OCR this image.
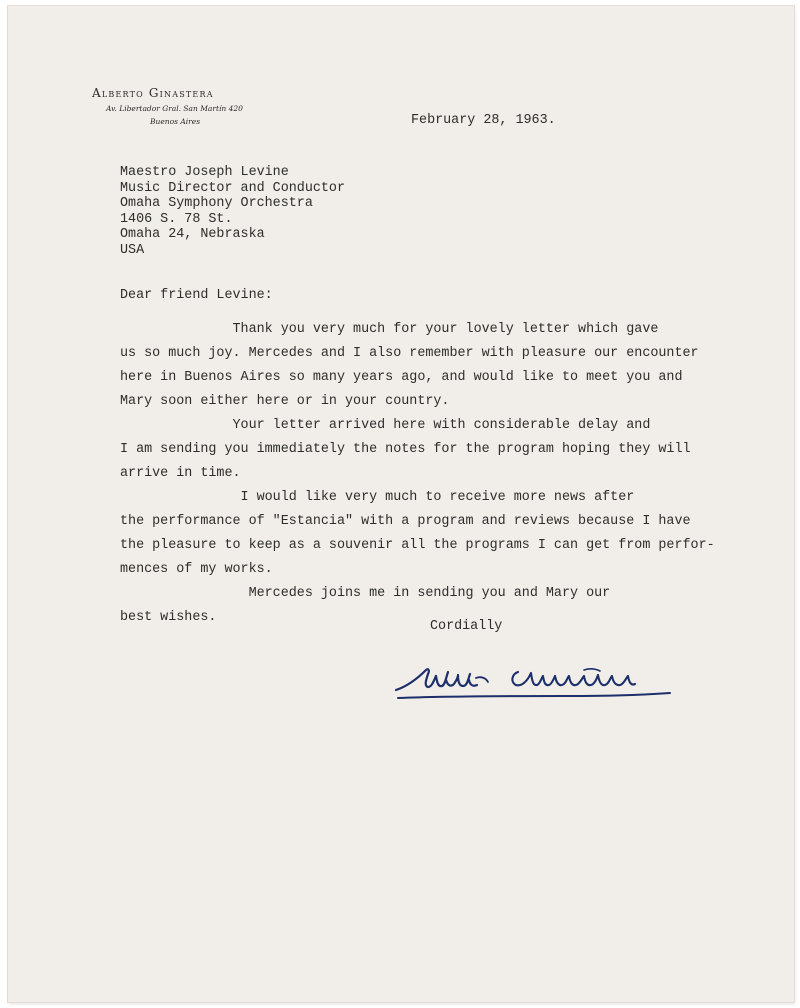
Alberto Ginastera
Av. Libertador Gral. San Martín 420
Buenos Aires	February 28, 1963.
Maestro Joseph Levine
Music Director and Conductor
Omaha Symphony Orchestra
1406 S. 78 St.
Omaha 24, Nebraska
USA
Dear friend Levine:
Thank you very much for your lovely letter which gave
us so much joy. Mercedes and I also remember with pleasure our encounter
here in Buenos Aires so many years ago, and would like to meet you and
Mary soon either here or in your country.
Your letter arrived here with considerable delay and
I am sending you immediately the notes for the program hoping they will
arrive in time.
I would like very much to receive more news after
the performance of "Estancia" with a program and reviews because I have
the pleasure to keep as a souvenir all the programs I can get from perfor-
mences of my works.
Mercedes joins me in sending you and Mary our
best wishes.
Cordially
